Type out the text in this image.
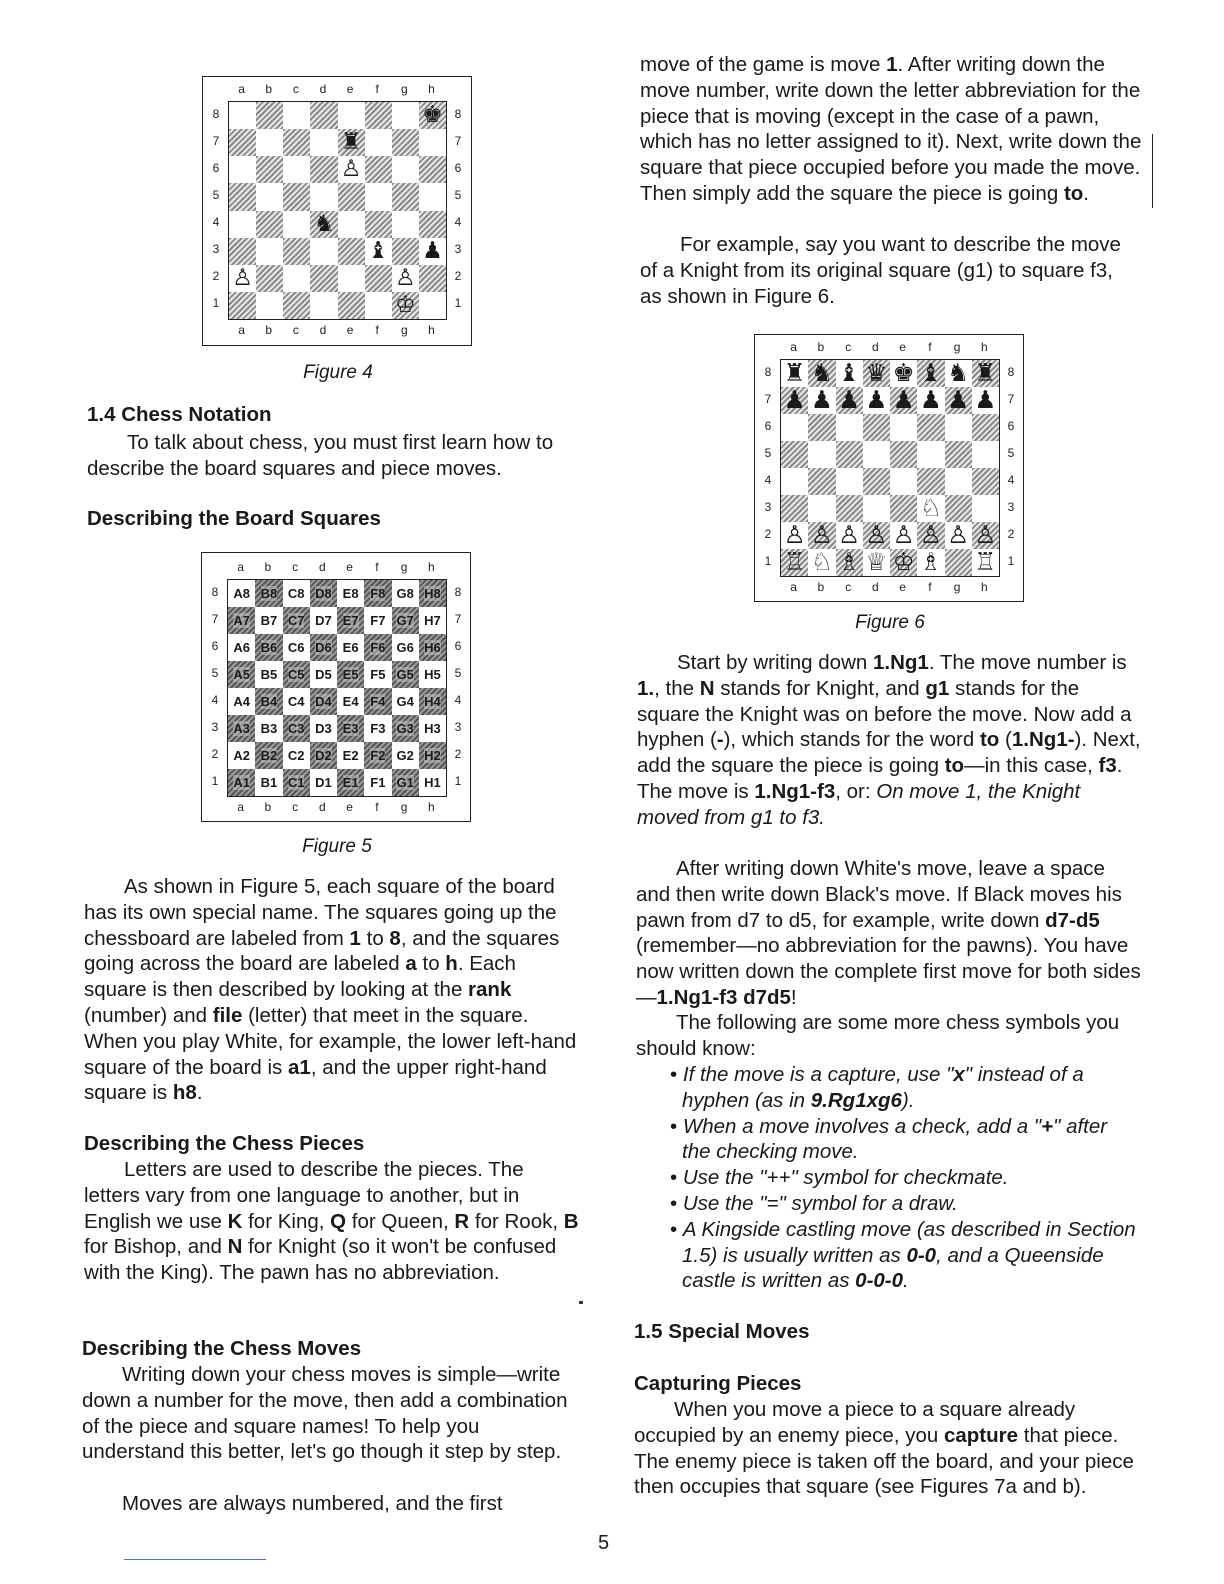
♚
♜
♙
♞
♝ ♟
♙	♙
♔
a
a
b
b
c
c
d
d
e
e
f
f
g
g
h
h
8	8
7	7
6	6
5	5
4	4
3	3
2	2
1	1
Figure 4

1.4 Chess Notation

To talk about chess, you must first learn how to describe the board squares and piece moves.

Describing the Board Squares

A8 B8 C8 D8 E8 F8 G8 H8
A7 B7 C7 D7 E7 F7 G7 H7
A6 B6 C6 D6 E6 F6 G6 H6
A5 B5 C5 D5 E5 F5 G5 H5
A4 B4 C4 D4 E4 F4 G4 H4
A3 B3 C3 D3 E3 F3 G3 H3
A2 B2 C2 D2 E2 F2 G2 H2
A1 B1 C1 D1 E1 F1 G1 H1
a
a
b
b
c
c
d
d
e
e
f
f
g
g
h
h
8	8
7	7
6	6
5	5
4	4
3	3
2	2
1	1
Figure 5

As shown in Figure 5, each square of the board has its own special name. The squares going up the chessboard are labeled from 1 to 8, and the squares going across the board are labeled a to h. Each square is then described by looking at the rank (number) and file (letter) that meet in the square. When you play White, for example, the lower left-hand square of the board is a1, and the upper right-hand square is h8.

Describing the Chess Pieces

Letters are used to describe the pieces. The letters vary from one language to another, but in English we use K for King, Q for Queen, R for Rook, B for Bishop, and N for Knight (so it won't be confused with the King). The pawn has no abbreviation.

Describing the Chess Moves

Writing down your chess moves is simple—write down a number for the move, then add a combination of the piece and square names! To help you understand this better, let's go though it step by step.

Moves are always numbered, and the first

move of the game is move 1. After writing down the move number, write down the letter abbreviation for the piece that is moving (except in the case of a pawn, which has no letter assigned to it). Next, write down the square that piece occupied before you made the move. Then simply add the square the piece is going to.

For example, say you want to describe the move of a Knight from its original square (g1) to square f3, as shown in Figure 6.

♜ ♞ ♝ ♛ ♚ ♝ ♞ ♜
♟ ♟ ♟ ♟ ♟ ♟ ♟ ♟
♘
♙ ♙ ♙ ♙ ♙ ♙ ♙ ♙
♖ ♘ ♗ ♕ ♔ ♗ ♖
a
a
b
b
c
c
d
d
e
e
f
f
g
g
h
h
8	8
7	7
6	6
5	5
4	4
3	3
2	2
1	1
Figure 6

Start by writing down 1.Ng1. The move number is 1., the N stands for Knight, and g1 stands for the square the Knight was on before the move. Now add a hyphen (-), which stands for the word to (1.Ng1-). Next, add the square the piece is going to—in this case, f3. The move is 1.Ng1-f3, or: On move 1, the Knight moved from g1 to f3.

After writing down White's move, leave a space and then write down Black's move. If Black moves his pawn from d7 to d5, for example, write down d7-d5 (remember—no abbreviation for the pawns). You have now written down the complete first move for both sides—1.Ng1-f3 d7d5!

The following are some more chess symbols you should know:

• If the move is a capture, use "x" instead of a hyphen (as in 9.Rg1xg6).

• When a move involves a check, add a "+" after the checking move.

• Use the "++" symbol for checkmate.

• Use the "=" symbol for a draw.

• A Kingside castling move (as described in Section 1.5) is usually written as 0-0, and a Queenside castle is written as 0-0-0.

1.5 Special Moves

Capturing Pieces

When you move a piece to a square already occupied by an enemy piece, you capture that piece. The enemy piece is taken off the board, and your piece then occupies that square (see Figures 7a and b).

5
